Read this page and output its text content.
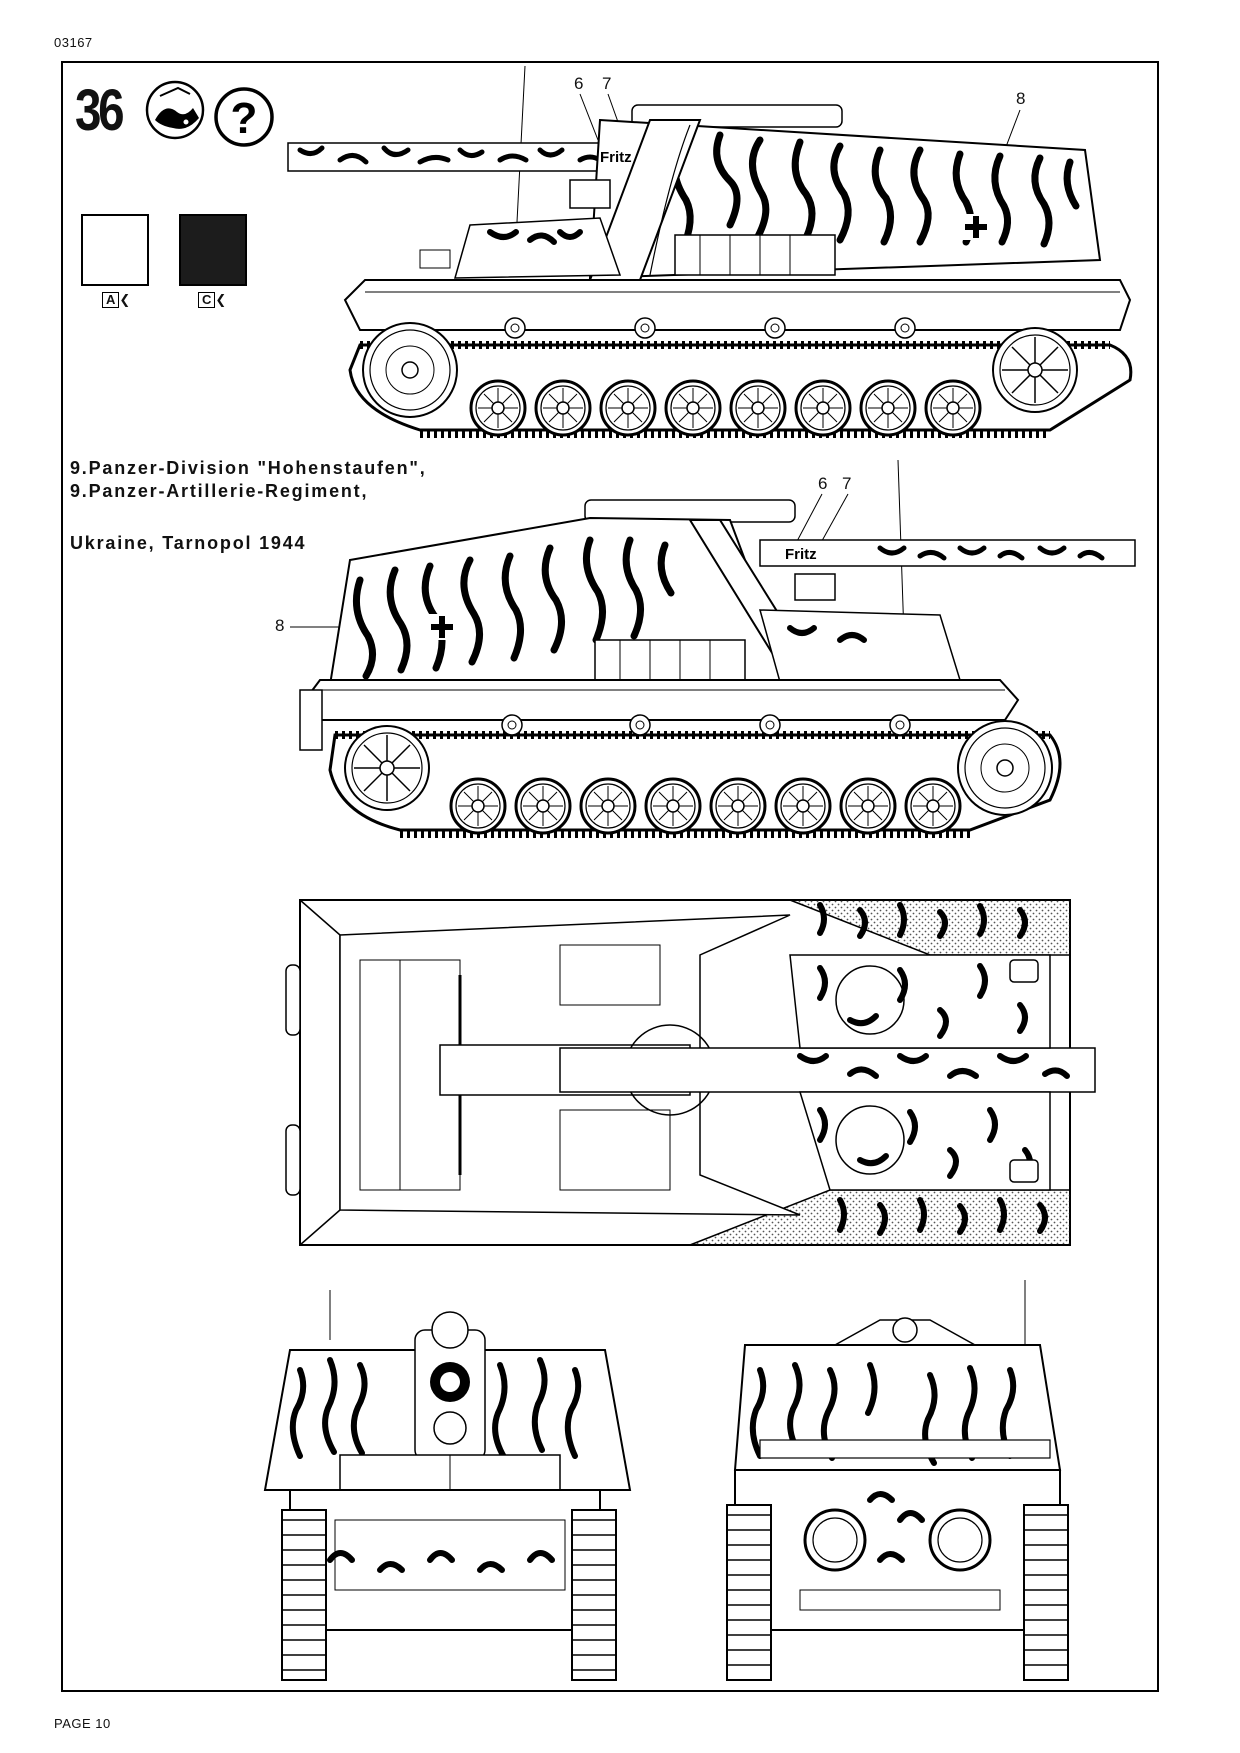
03167
36
A ❮	C ❮
9.Panzer-Division "Hohenstaufen",
9.Panzer-Artillerie-Regiment,
Ukraine, Tarnopol 1944
6 7
8
6 7
8
?
Fritz
Fritz
PAGE 10
